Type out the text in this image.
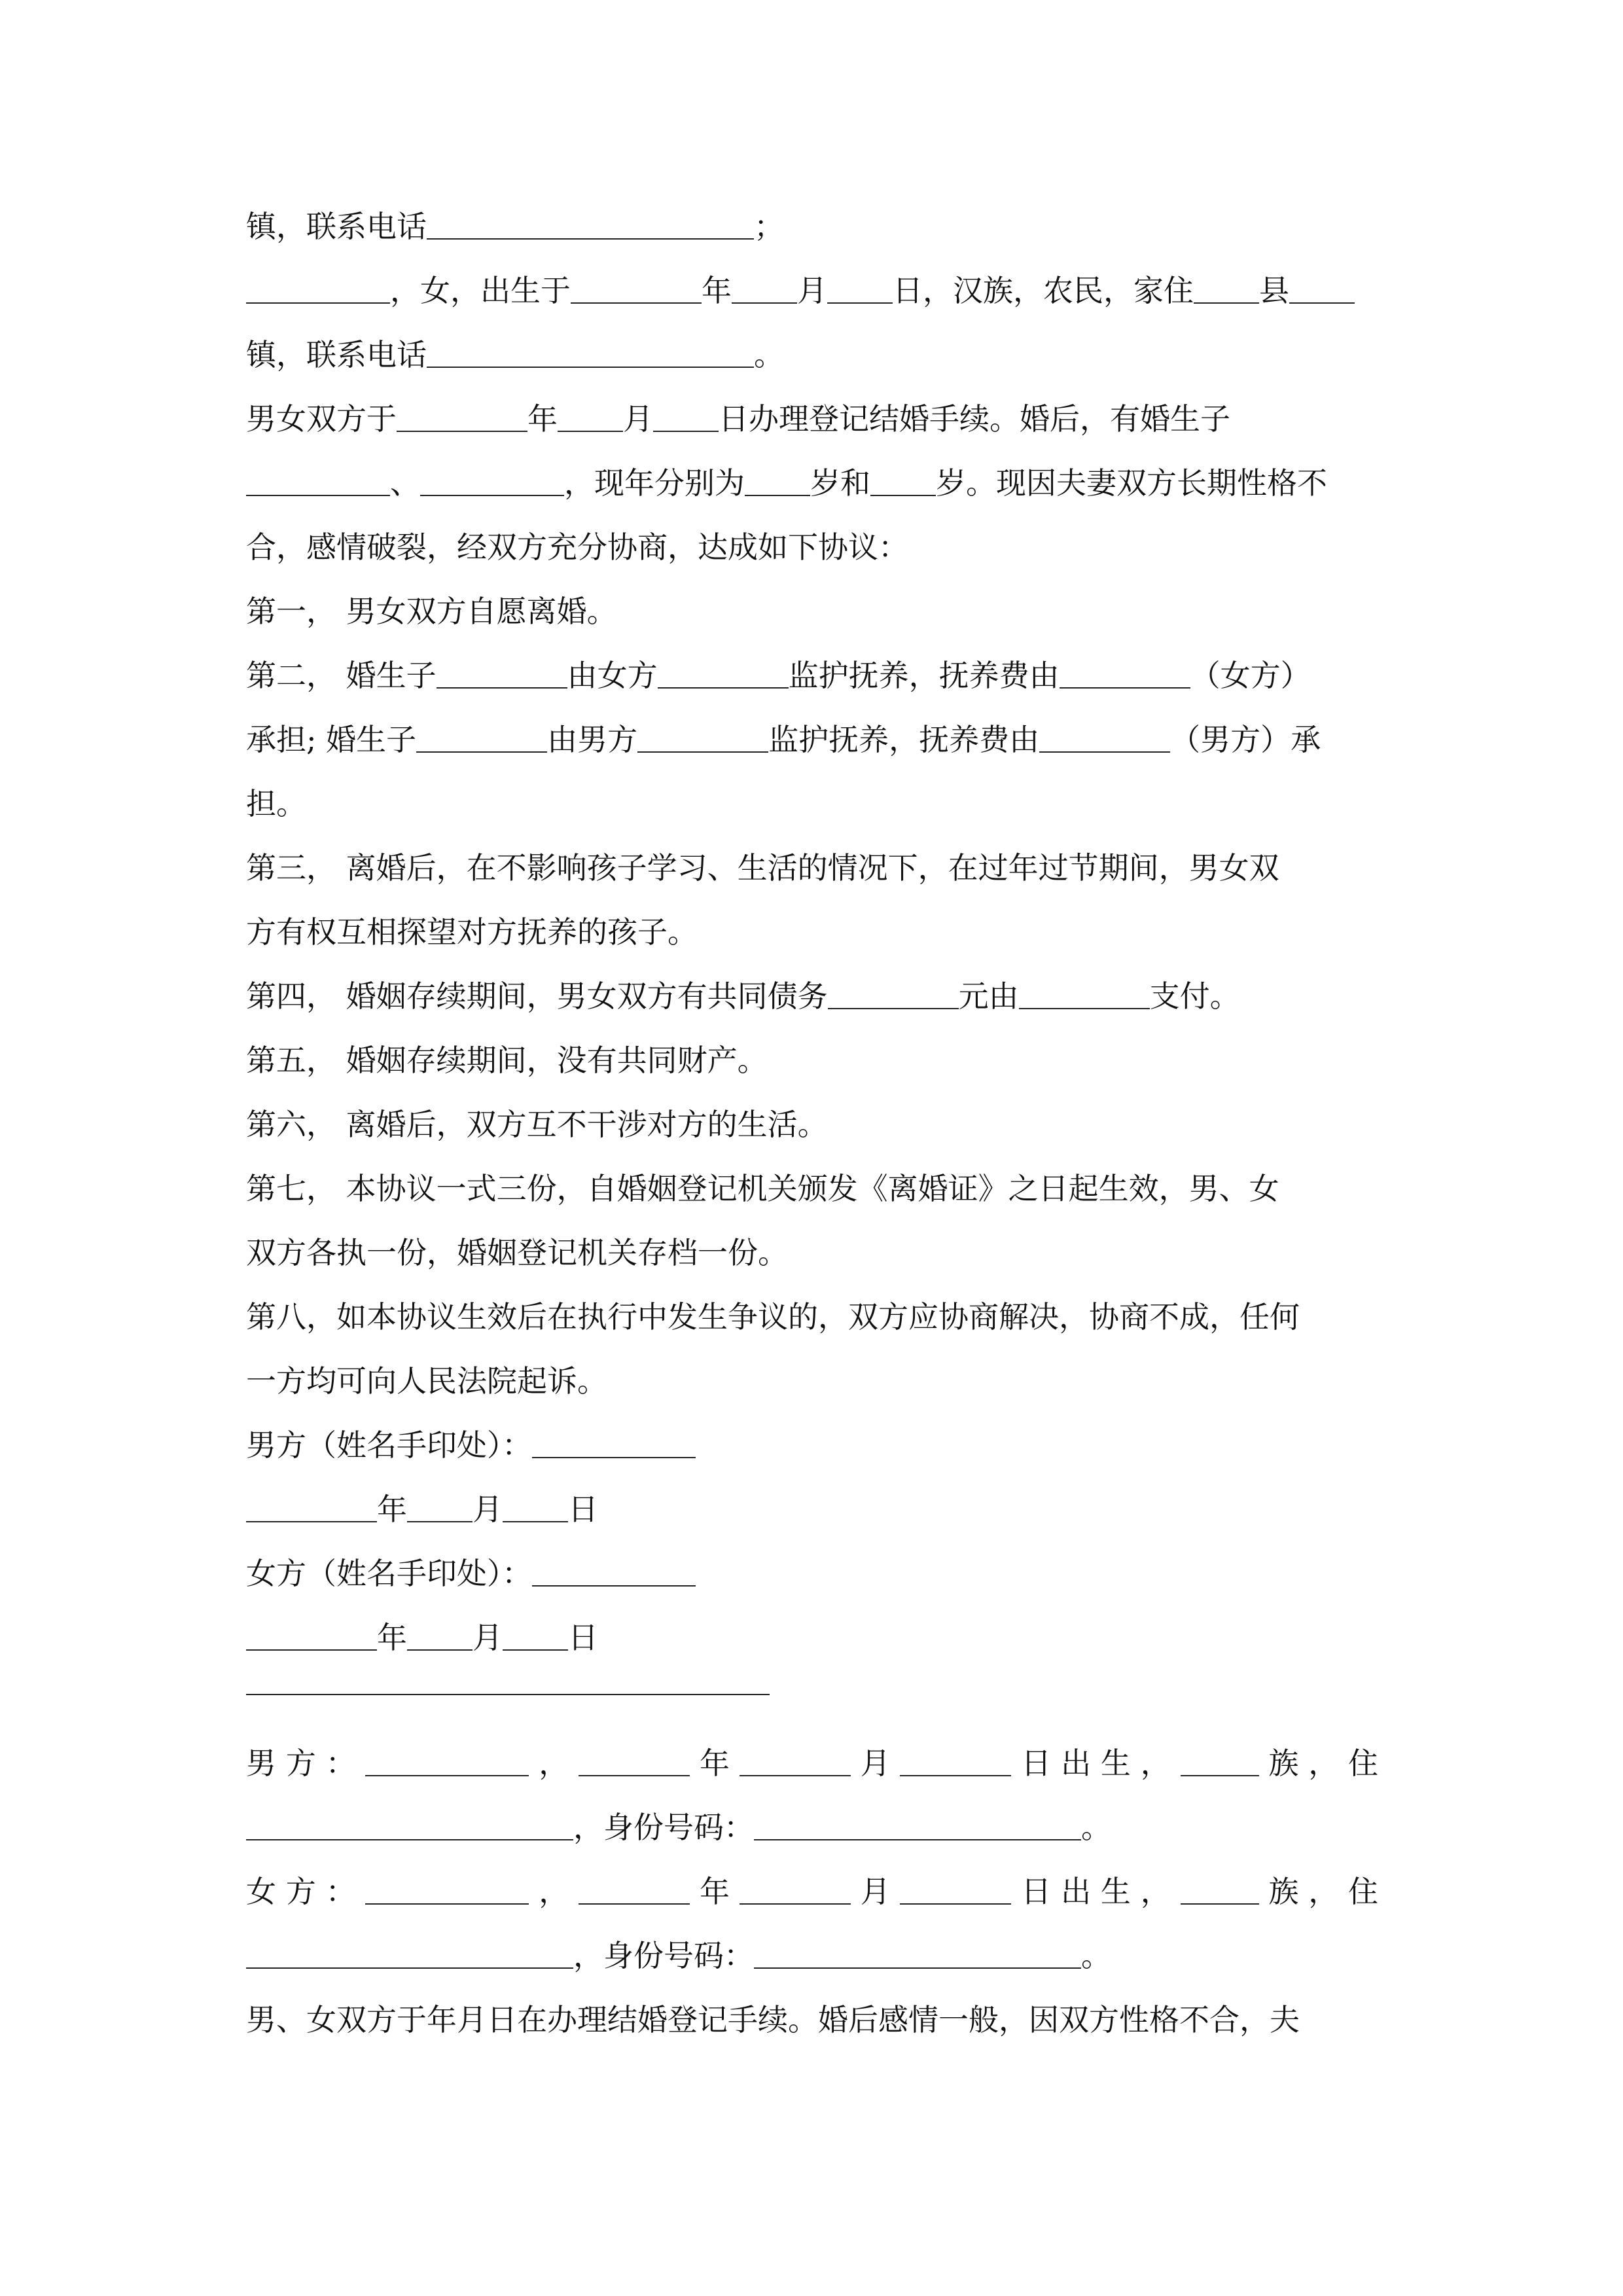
镇，联系电话	；
，女，出生于	年 月 日，汉族，农民，家住 县
镇，联系电话	。
男女双方于	年 月 日办理登记结婚手续。婚后，有婚生子
、	，现年分别为 岁和 岁。现因夫妻双方长期性格不
合，感情破裂，经双方充分协商，达成如下协议：
第一， 男女双方自愿离婚。
第二， 婚生子	由女方	监护抚养，抚养费由	（女方）
承担; 婚生子	由男方	监护抚养，抚养费由	（男方）承
担。
第三， 离婚后，在不影响孩子学习、生活的情况下，在过年过节期间，男女双
方有权互相探望对方抚养的孩子。
第四， 婚姻存续期间，男女双方有共同债务	元由	支付。
第五， 婚姻存续期间，没有共同财产。
第六， 离婚后，双方互不干涉对方的生活。
第七， 本协议一式三份，自婚姻登记机关颁发《离婚证》之日起生效，男、女
双方各执一份，婚姻登记机关存档一份。
第八，如本协议生效后在执行中发生争议的，双方应协商解决，协商不成，任何
一方均可向人民法院起诉。
男方（姓名手印处）：
年 月 日
女方（姓名手印处）：
年 月 日
男方：	，	年	月	日出生，	族，住
，身份号码：	。
女方：	，	年	月	日出生，	族，住
，身份号码：	。
男、女双方于年月日在办理结婚登记手续。婚后感情一般，因双方性格不合，夫
